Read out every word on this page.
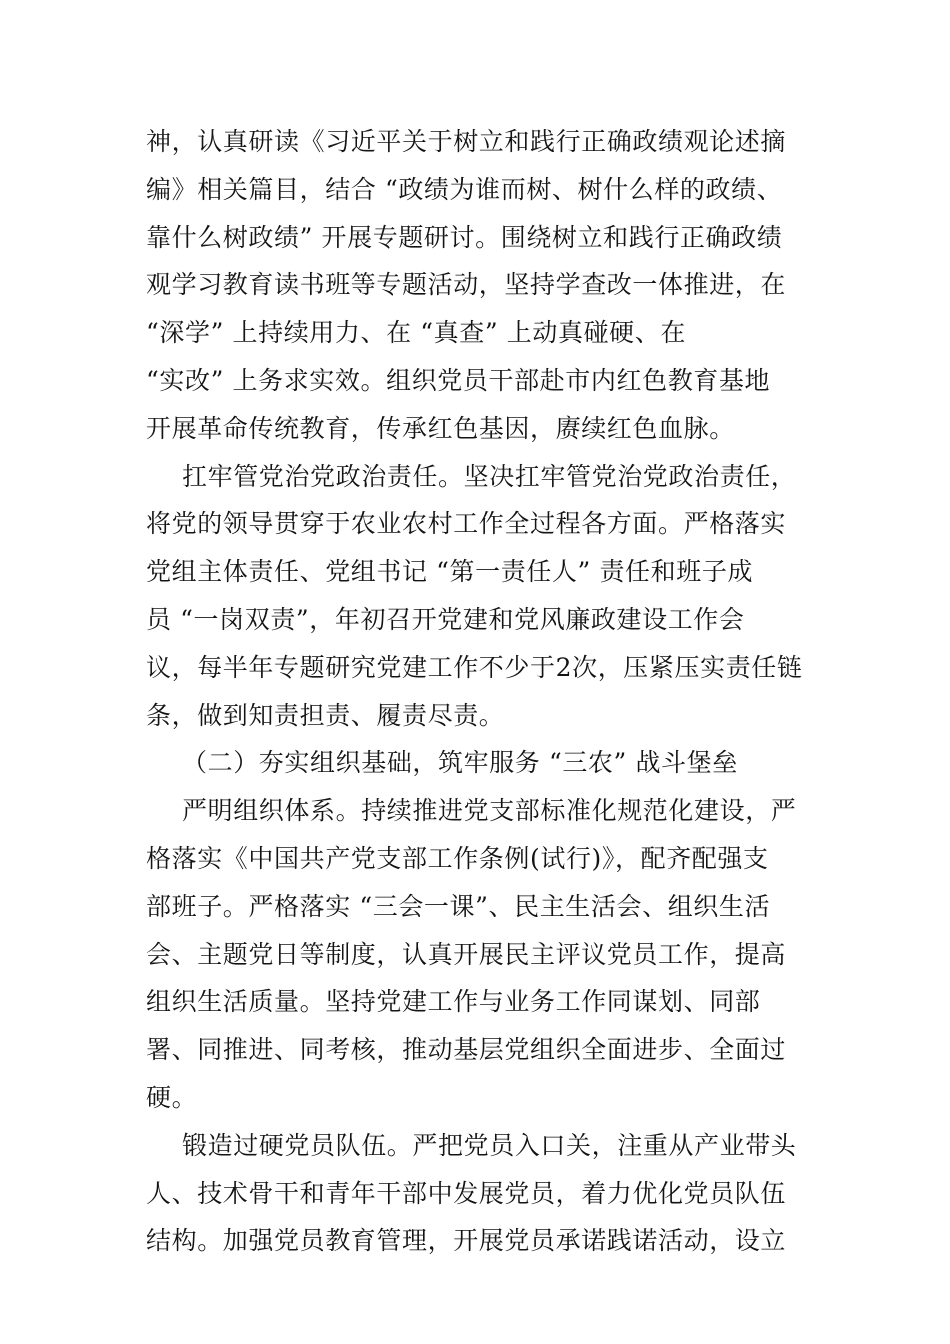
神，认真研读《习近平关于树立和践行正确政绩观论述摘
编》相关篇目，结合 “政绩为谁而树、树什么样的政绩、
靠什么树政绩” 开展专题研讨。围绕树立和践行正确政绩
观学习教育读书班等专题活动，坚持学查改一体推进，在
“深学” 上持续用力、在 “真查” 上动真碰硬、在
“实改” 上务求实效。组织党员干部赴市内红色教育基地
开展革命传统教育，传承红色基因，赓续红色血脉。
扛牢管党治党政治责任。坚决扛牢管党治党政治责任，
将党的领导贯穿于农业农村工作全过程各方面。严格落实
党组主体责任、党组书记 “第一责任人” 责任和班子成
员 “一岗双责”，年初召开党建和党风廉政建设工作会
议，每半年专题研究党建工作不少于2次，压紧压实责任链
条，做到知责担责、履责尽责。
（二）夯实组织基础，筑牢服务 “三农” 战斗堡垒
严明组织体系。持续推进党支部标准化规范化建设，严
格落实《中国共产党支部工作条例(试行)》，配齐配强支
部班子。严格落实 “三会一课”、民主生活会、组织生活
会、主题党日等制度，认真开展民主评议党员工作，提高
组织生活质量。坚持党建工作与业务工作同谋划、同部
署、同推进、同考核，推动基层党组织全面进步、全面过
硬。
锻造过硬党员队伍。严把党员入口关，注重从产业带头
人、技术骨干和青年干部中发展党员，着力优化党员队伍
结构。加强党员教育管理，开展党员承诺践诺活动，设立
